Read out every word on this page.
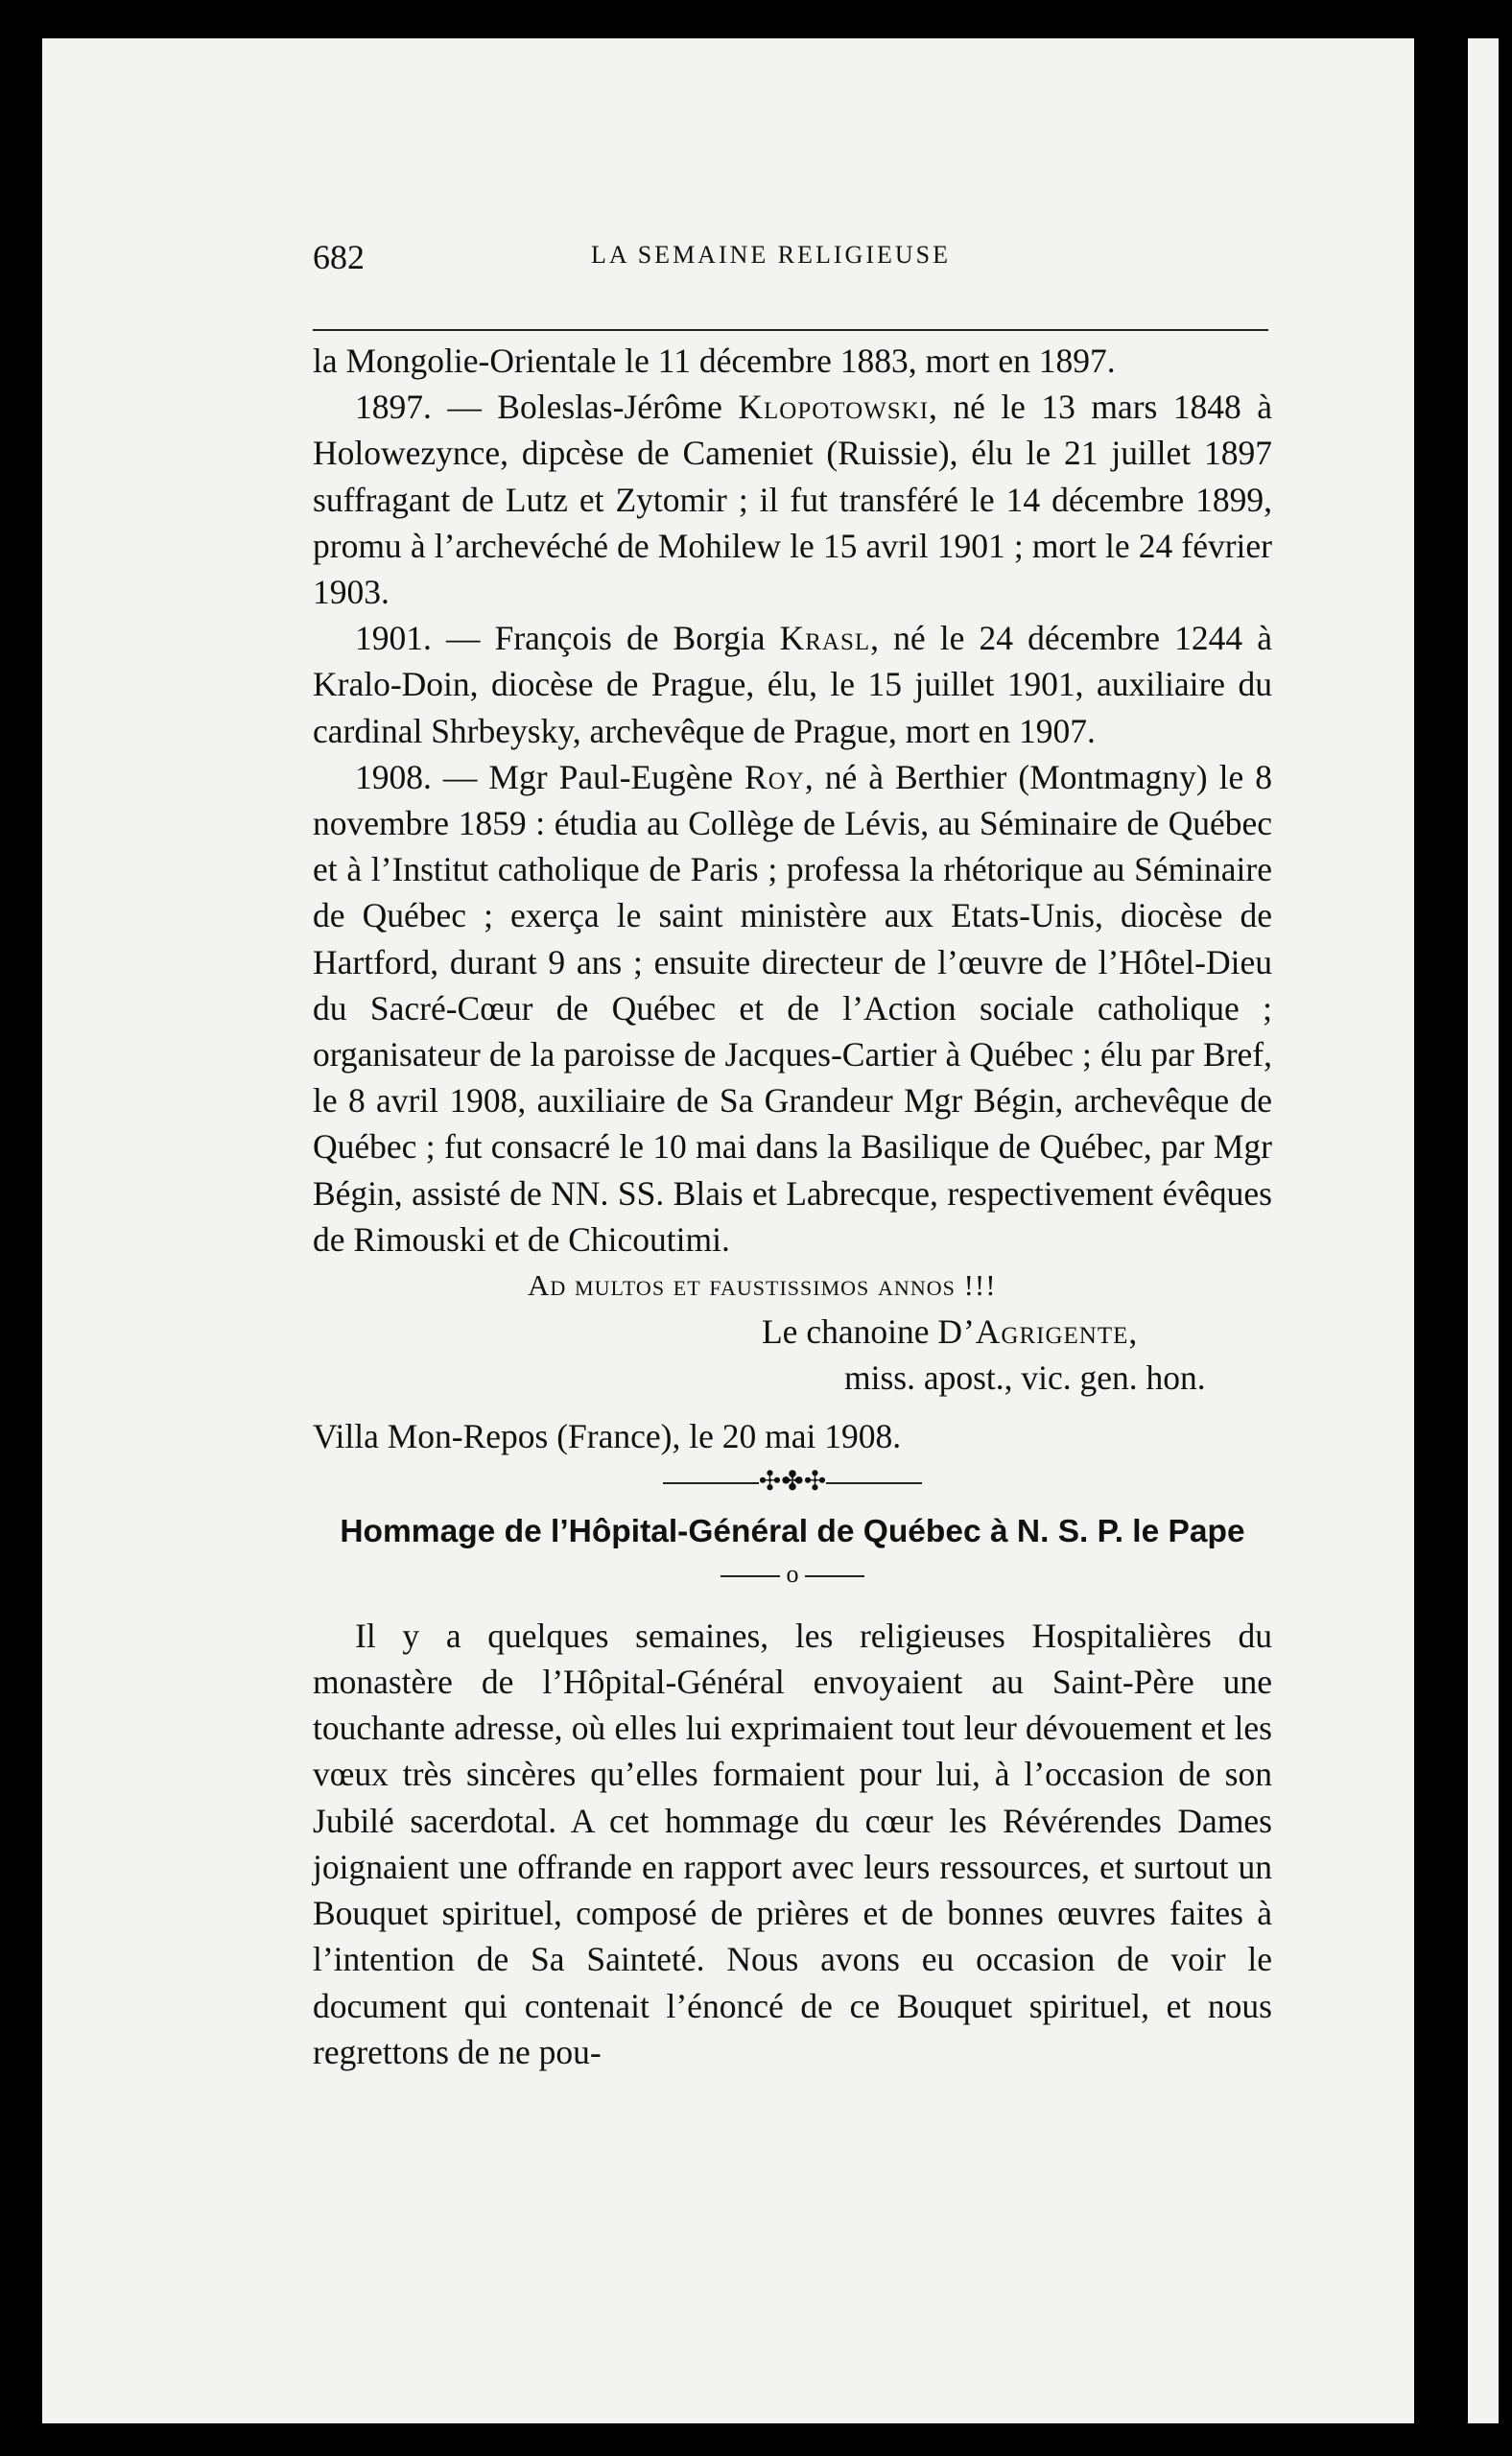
682	LA SEMAINE RELIGIEUSE

la Mongolie-Orientale le 11 décembre 1883, mort en 1897.

1897. — Boleslas-Jérôme Klopotowski, né le 13 mars 1848 à Holowezynce, dipcèse de Cameniet (Ruissie), élu le 21 juillet 1897 suffragant de Lutz et Zytomir ; il fut transféré le 14 décembre 1899, promu à l’archevéché de Mohilew le 15 avril 1901 ; mort le 24 février 1903.

1901. — François de Borgia Krasl, né le 24 décembre 1244 à Kralo-Doin, diocèse de Prague, élu, le 15 juillet 1901, auxiliaire du cardinal Shrbeysky, archevêque de Prague, mort en 1907.

1908. — Mgr Paul-Eugène Roy, né à Berthier (Montmagny) le 8 novembre 1859 : étudia au Collège de Lévis, au Séminaire de Québec et à l’Institut catholique de Paris ; professa la rhétorique au Séminaire de Québec ; exerça le saint ministère aux Etats-Unis, diocèse de Hartford, durant 9 ans ; ensuite directeur de l’œuvre de l’Hôtel-Dieu du Sacré-Cœur de Québec et de l’Action sociale catholique ; organisateur de la paroisse de Jacques-Cartier à Québec ; élu par Bref, le 8 avril 1908, auxiliaire de Sa Grandeur Mgr Bégin, archevêque de Québec ; fut consacré le 10 mai dans la Basilique de Québec, par Mgr Bégin, assisté de NN. SS. Blais et Labrecque, respectivement évêques de Rimouski et de Chicoutimi.

Ad multos et faustissimos annos !!!

Le chanoine D’Agrigente,

miss. apost., vic. gen. hon.

Villa Mon-Repos (France), le 20 mai 1908.

✣✤✣
Hommage de l’Hôpital-Général de Québec à N. S. P. le Pape
o

Il y a quelques semaines, les religieuses Hospitalières du monastère de l’Hôpital-Général envoyaient au Saint-Père une touchante adresse, où elles lui exprimaient tout leur dévouement et les vœux très sincères qu’elles formaient pour lui, à l’occasion de son Jubilé sacerdotal. A cet hommage du cœur les Révérendes Dames joignaient une offrande en rapport avec leurs ressources, et surtout un Bouquet spirituel, composé de prières et de bonnes œuvres faites à l’intention de Sa Sainteté. Nous avons eu occasion de voir le document qui contenait l’énoncé de ce Bouquet spirituel, et nous regrettons de ne pou-
